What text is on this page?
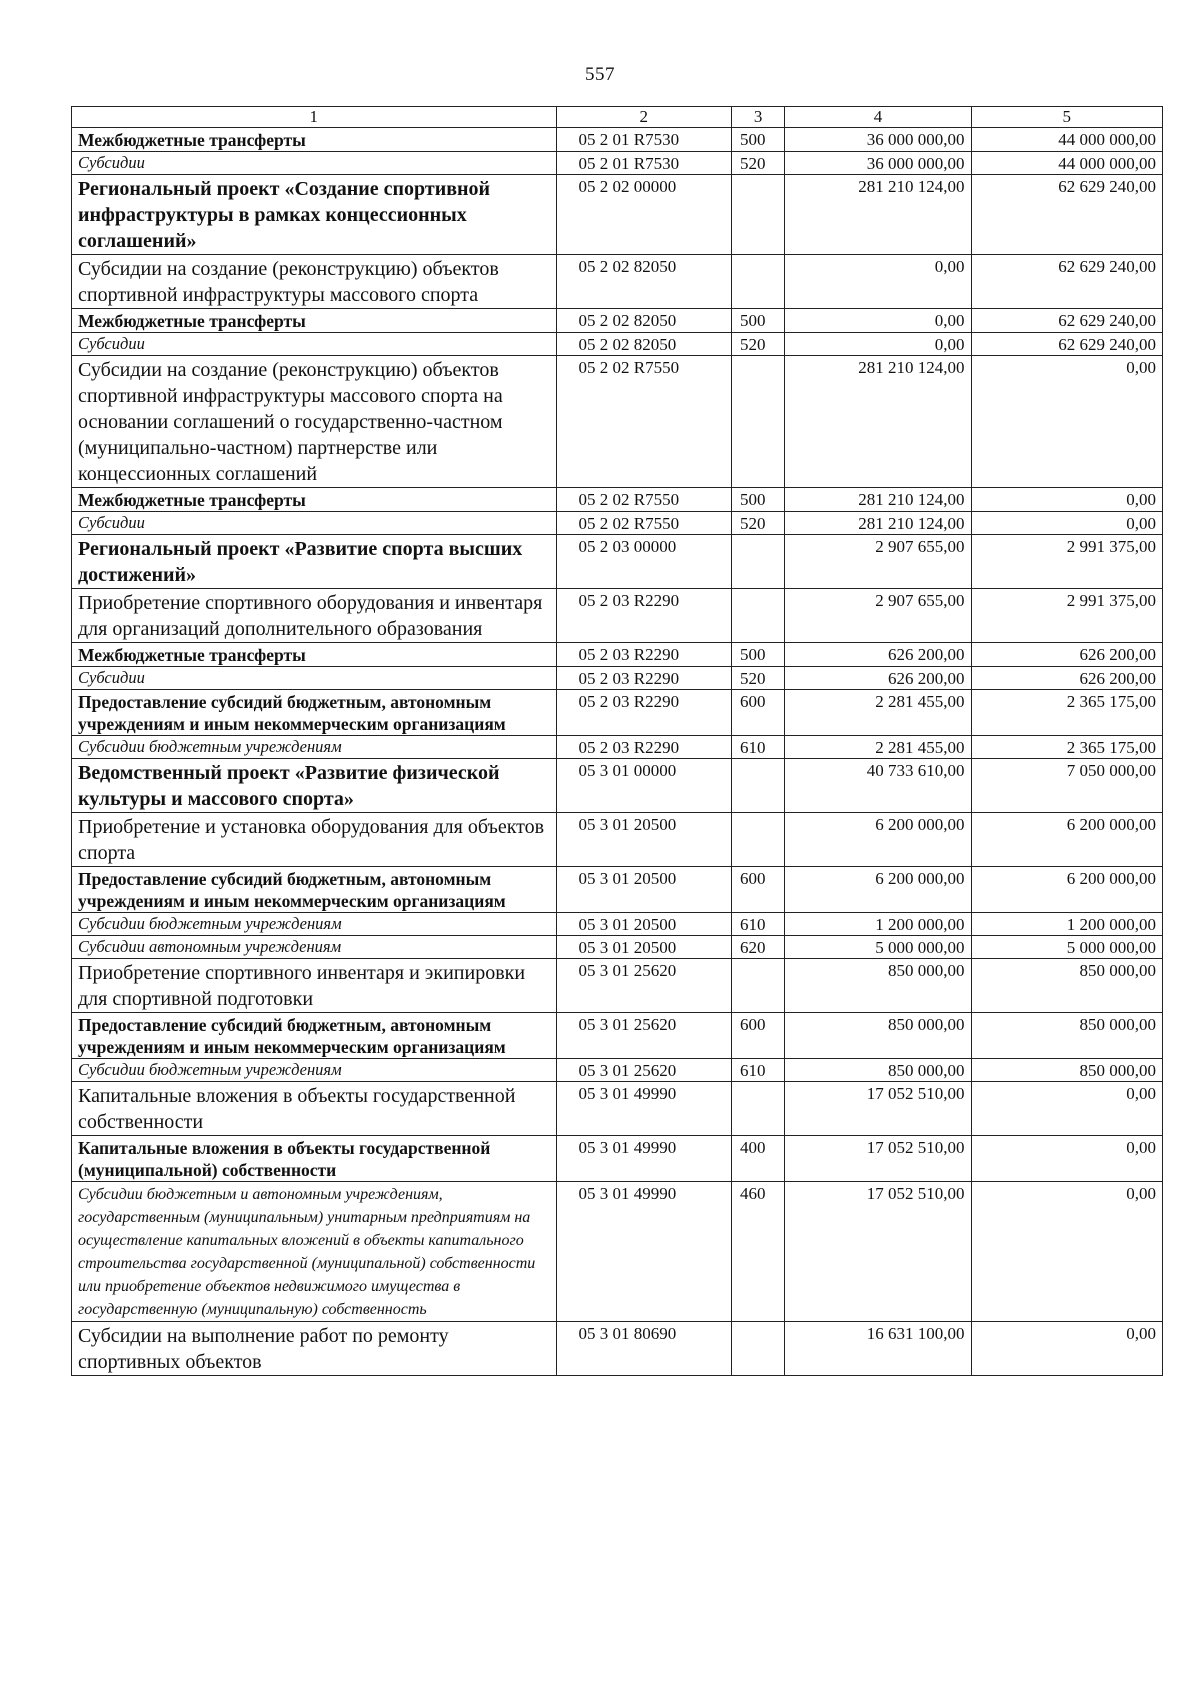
557
1	2	3	4	5
Межбюджетные трансферты	05 2 01 R7530	500	36 000 000,00	44 000 000,00
Субсидии	05 2 01 R7530	520	36 000 000,00	44 000 000,00
Региональный проект «Создание спортивной инфраструктуры в рамках концессионных соглашений»	05 2 02 00000		281 210 124,00	62 629 240,00
Субсидии на создание (реконструкцию) объектов спортивной инфраструктуры массового спорта	05 2 02 82050		0,00	62 629 240,00
Межбюджетные трансферты	05 2 02 82050	500	0,00	62 629 240,00
Субсидии	05 2 02 82050	520	0,00	62 629 240,00
Субсидии на создание (реконструкцию) объектов спортивной инфраструктуры массового спорта на основании соглашений о государственно-частном (муниципально-частном) партнерстве или концессионных соглашений	05 2 02 R7550		281 210 124,00	0,00
Межбюджетные трансферты	05 2 02 R7550	500	281 210 124,00	0,00
Субсидии	05 2 02 R7550	520	281 210 124,00	0,00
Региональный проект «Развитие спорта высших достижений»	05 2 03 00000		2 907 655,00	2 991 375,00
Приобретение спортивного оборудования и инвентаря для организаций дополнительного образования	05 2 03 R2290		2 907 655,00	2 991 375,00
Межбюджетные трансферты	05 2 03 R2290	500	626 200,00	626 200,00
Субсидии	05 2 03 R2290	520	626 200,00	626 200,00
Предоставление субсидий бюджетным, автономным учреждениям и иным некоммерческим организациям	05 2 03 R2290	600	2 281 455,00	2 365 175,00
Субсидии бюджетным учреждениям	05 2 03 R2290	610	2 281 455,00	2 365 175,00
Ведомственный проект «Развитие физической культуры и массового спорта»	05 3 01 00000		40 733 610,00	7 050 000,00
Приобретение и установка оборудования для объектов спорта	05 3 01 20500		6 200 000,00	6 200 000,00
Предоставление субсидий бюджетным, автономным учреждениям и иным некоммерческим организациям	05 3 01 20500	600	6 200 000,00	6 200 000,00
Субсидии бюджетным учреждениям	05 3 01 20500	610	1 200 000,00	1 200 000,00
Субсидии автономным учреждениям	05 3 01 20500	620	5 000 000,00	5 000 000,00
Приобретение спортивного инвентаря и экипировки для спортивной подготовки	05 3 01 25620		850 000,00	850 000,00
Предоставление субсидий бюджетным, автономным учреждениям и иным некоммерческим организациям	05 3 01 25620	600	850 000,00	850 000,00
Субсидии бюджетным учреждениям	05 3 01 25620	610	850 000,00	850 000,00
Капитальные вложения в объекты государственной собственности	05 3 01 49990		17 052 510,00	0,00
Капитальные вложения в объекты государственной (муниципальной) собственности	05 3 01 49990	400	17 052 510,00	0,00
Субсидии бюджетным и автономным учреждениям, государственным (муниципальным) унитарным предприятиям на осуществление капитальных вложений в объекты капитального строительства государственной (муниципальной) собственности или приобретение объектов недвижимого имущества в государственную (муниципальную) собственность	05 3 01 49990	460	17 052 510,00	0,00
Субсидии на выполнение работ по ремонту спортивных объектов	05 3 01 80690		16 631 100,00	0,00
